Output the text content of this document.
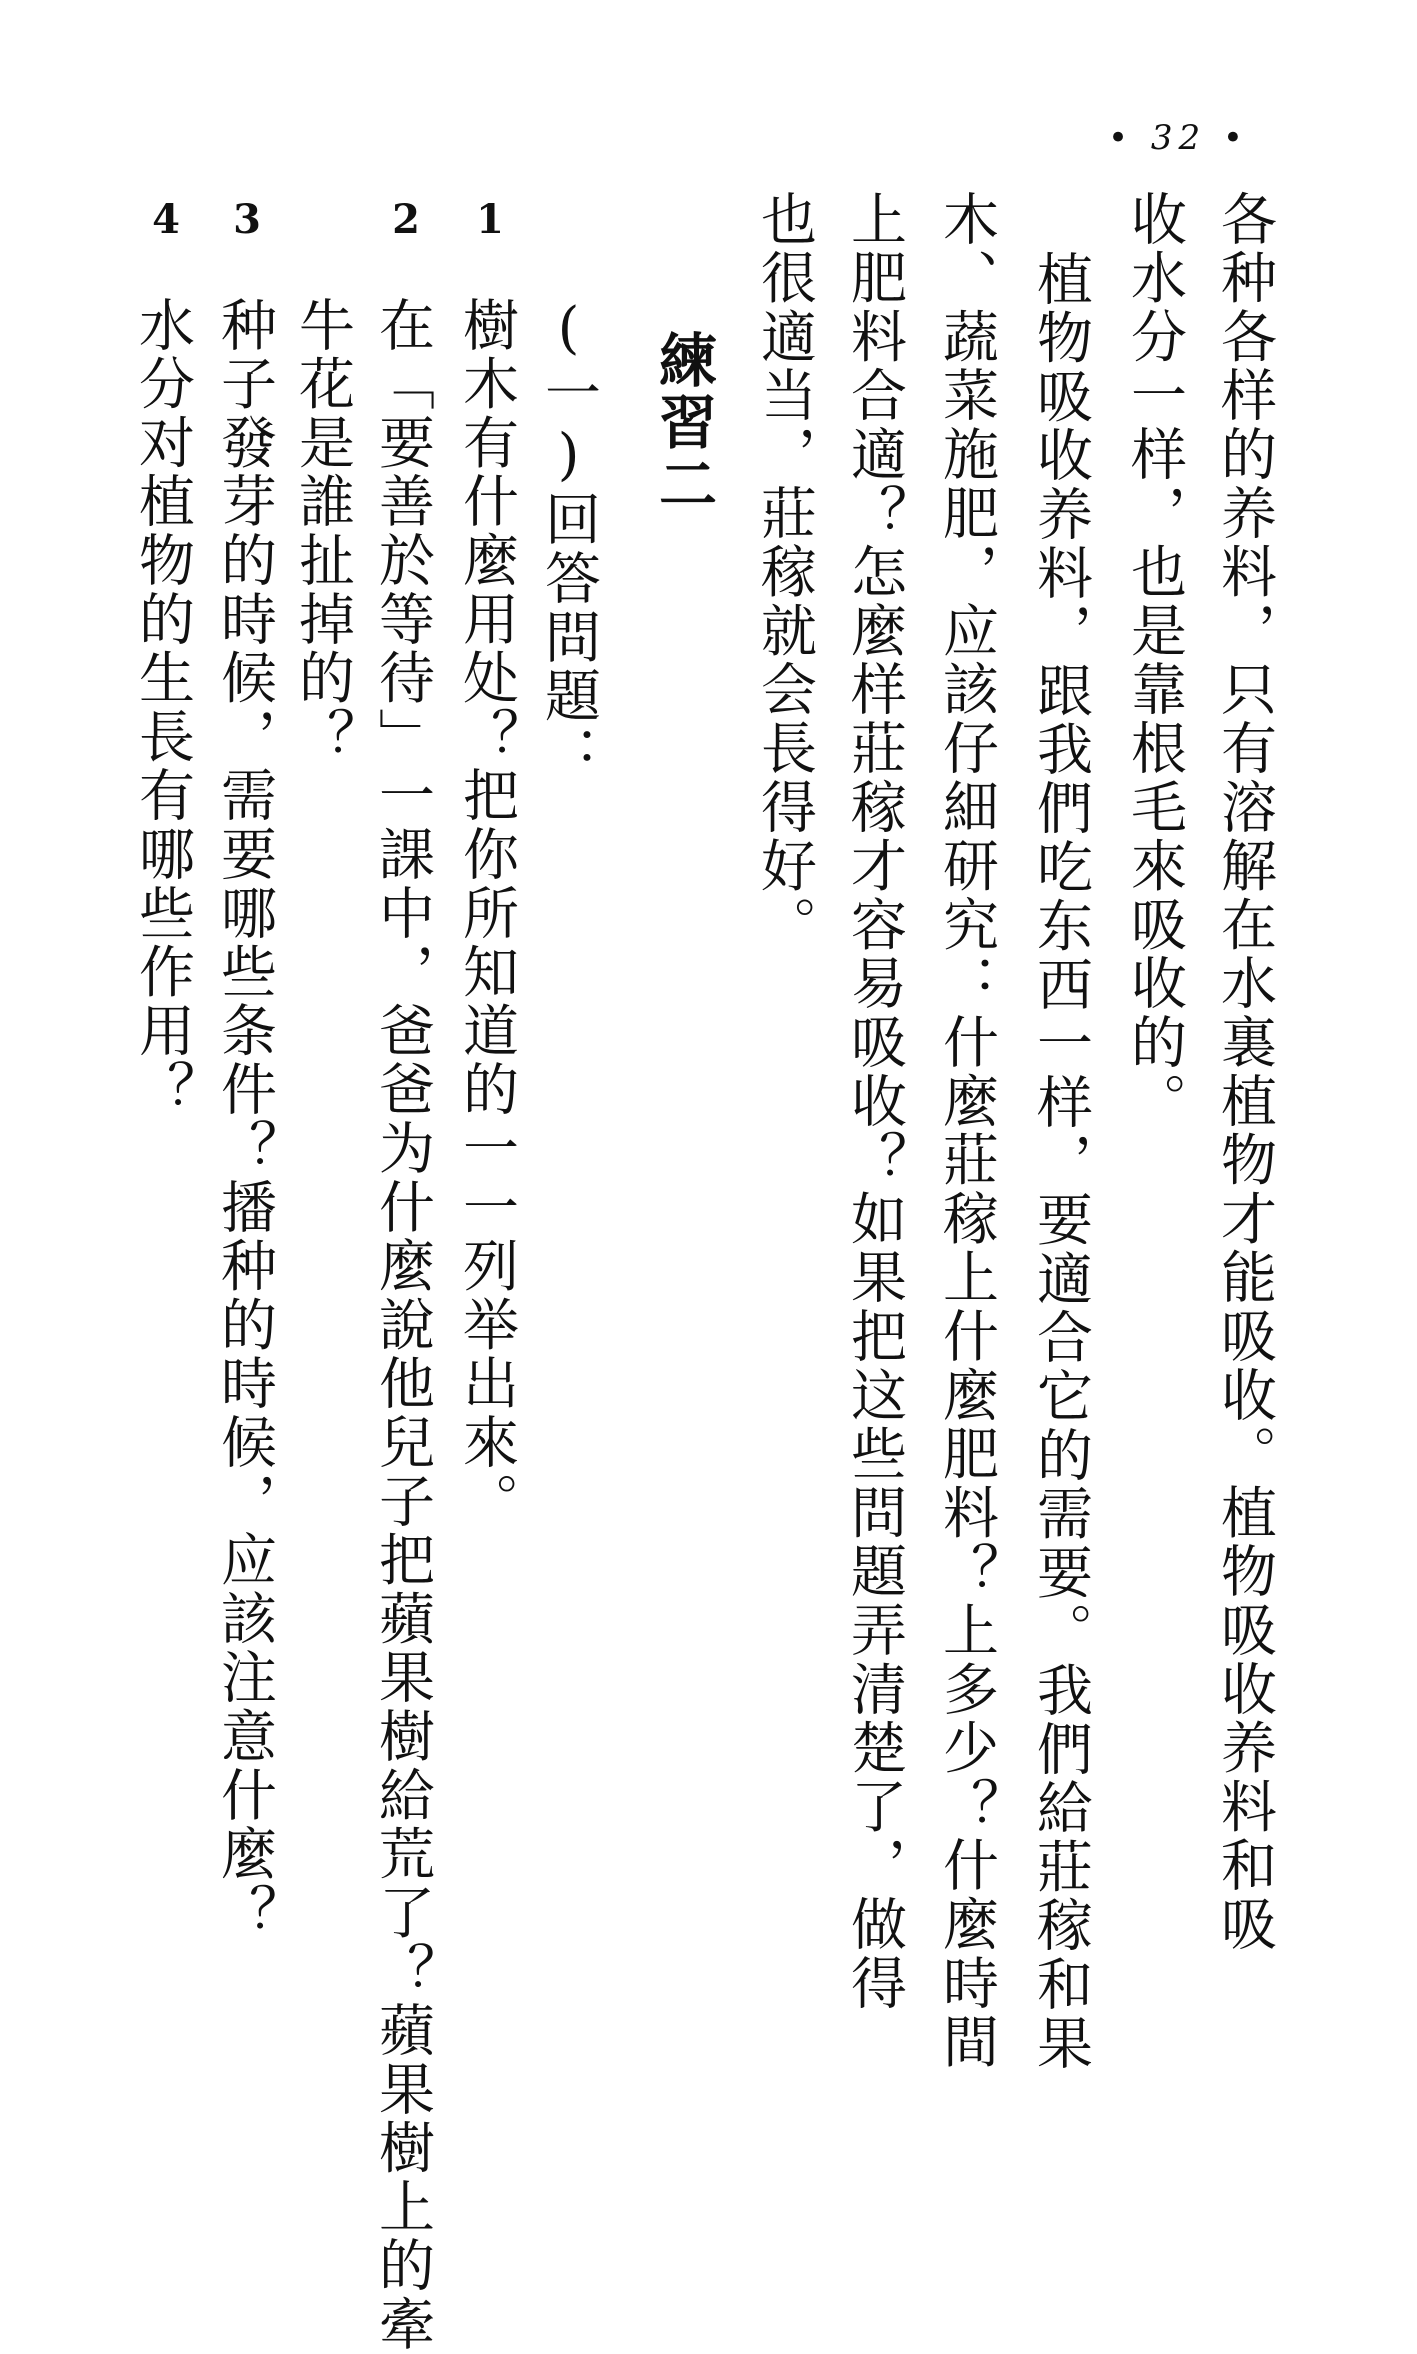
• 32 •
各种各样的养料，只有溶解在水裏植物才能吸收。植物吸收养料和吸
收水分一样，也是靠根毛來吸收的。
植物吸收养料，跟我們吃东西一样，要適合它的需要。我們給莊稼和果
木、蔬菜施肥，应該仔細研究：什麼莊稼上什麼肥料？上多少？什麼時間
上肥料合適？怎麼样莊稼才容易吸收？如果把这些問題弄清楚了，做得
也很適当，莊稼就会長得好。
練習二
(一)回答問題：
1
2
3
4
樹木有什麼用处？把你所知道的一一列举出來。
在「要善於等待」一課中，爸爸为什麼說他兒子把蘋果樹給荒了？蘋果樹上的牽
牛花是誰扯掉的？
种子發芽的時候，需要哪些条件？播种的時候，应該注意什麼？
水分对植物的生長有哪些作用？
